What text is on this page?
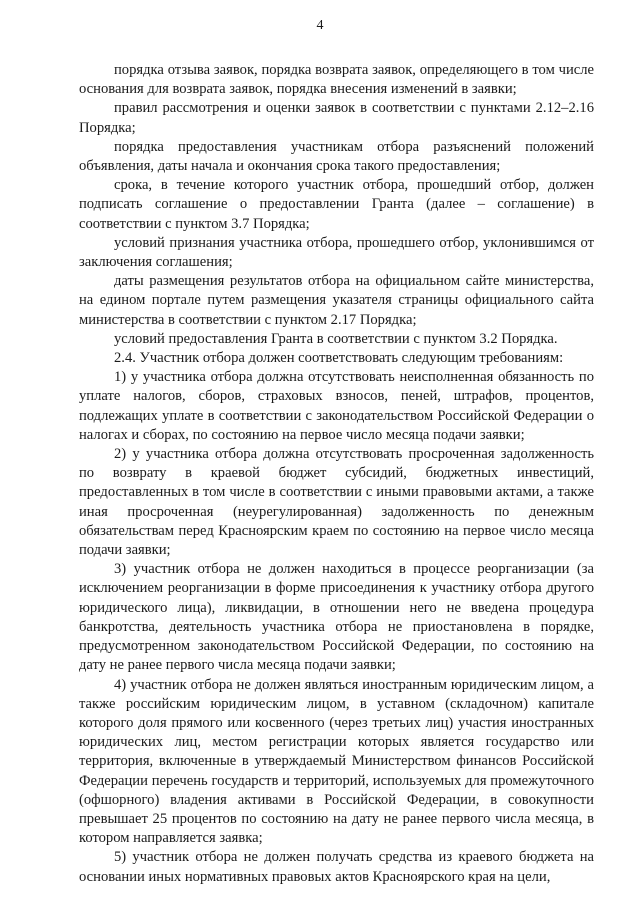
4

порядка отзыва заявок, порядка возврата заявок, определяющего в том числе основания для возврата заявок, порядка внесения изменений в заявки;

правил рассмотрения и оценки заявок в соответствии с пунктами 2.12–2.16 Порядка;

порядка предоставления участникам отбора разъяснений положений объявления, даты начала и окончания срока такого предоставления;

срока, в течение которого участник отбора, прошедший отбор, должен подписать соглашение о предоставлении Гранта (далее – соглашение) в соответствии с пунктом 3.7 Порядка;

условий признания участника отбора, прошедшего отбор, уклонившимся от заключения соглашения;

даты размещения результатов отбора на официальном сайте министерства, на едином портале путем размещения указателя страницы официального сайта министерства в соответствии с пунктом 2.17 Порядка;

условий предоставления Гранта в соответствии с пунктом 3.2 Порядка.

2.4. Участник отбора должен соответствовать следующим требованиям:

1) у участника отбора должна отсутствовать неисполненная обязанность по уплате налогов, сборов, страховых взносов, пеней, штрафов, процентов, подлежащих уплате в соответствии с законодательством Российской Федерации о налогах и сборах, по состоянию на первое число месяца подачи заявки;

2) у участника отбора должна отсутствовать просроченная задолженность по возврату в краевой бюджет субсидий, бюджетных инвестиций, предоставленных в том числе в соответствии с иными правовыми актами, а также иная просроченная (неурегулированная) задолженность по денежным обязательствам перед Красноярским краем по состоянию на первое число месяца подачи заявки;

3) участник отбора не должен находиться в процессе реорганизации (за исключением реорганизации в форме присоединения к участнику отбора другого юридического лица), ликвидации, в отношении него не введена процедура банкротства, деятельность участника отбора не приостановлена в порядке, предусмотренном законодательством Российской Федерации, по состоянию на дату не ранее первого числа месяца подачи заявки;

4) участник отбора не должен являться иностранным юридическим лицом, а также российским юридическим лицом, в уставном (складочном) капитале которого доля прямого или косвенного (через третьих лиц) участия иностранных юридических лиц, местом регистрации которых является государство или территория, включенные в утверждаемый Министерством финансов Российской Федерации перечень государств и территорий, используемых для промежуточного (офшорного) владения активами в Российской Федерации, в совокупности превышает 25 процентов по состоянию на дату не ранее первого числа месяца, в котором направляется заявка;

5) участник отбора не должен получать средства из краевого бюджета на основании иных нормативных правовых актов Красноярского края на цели,
